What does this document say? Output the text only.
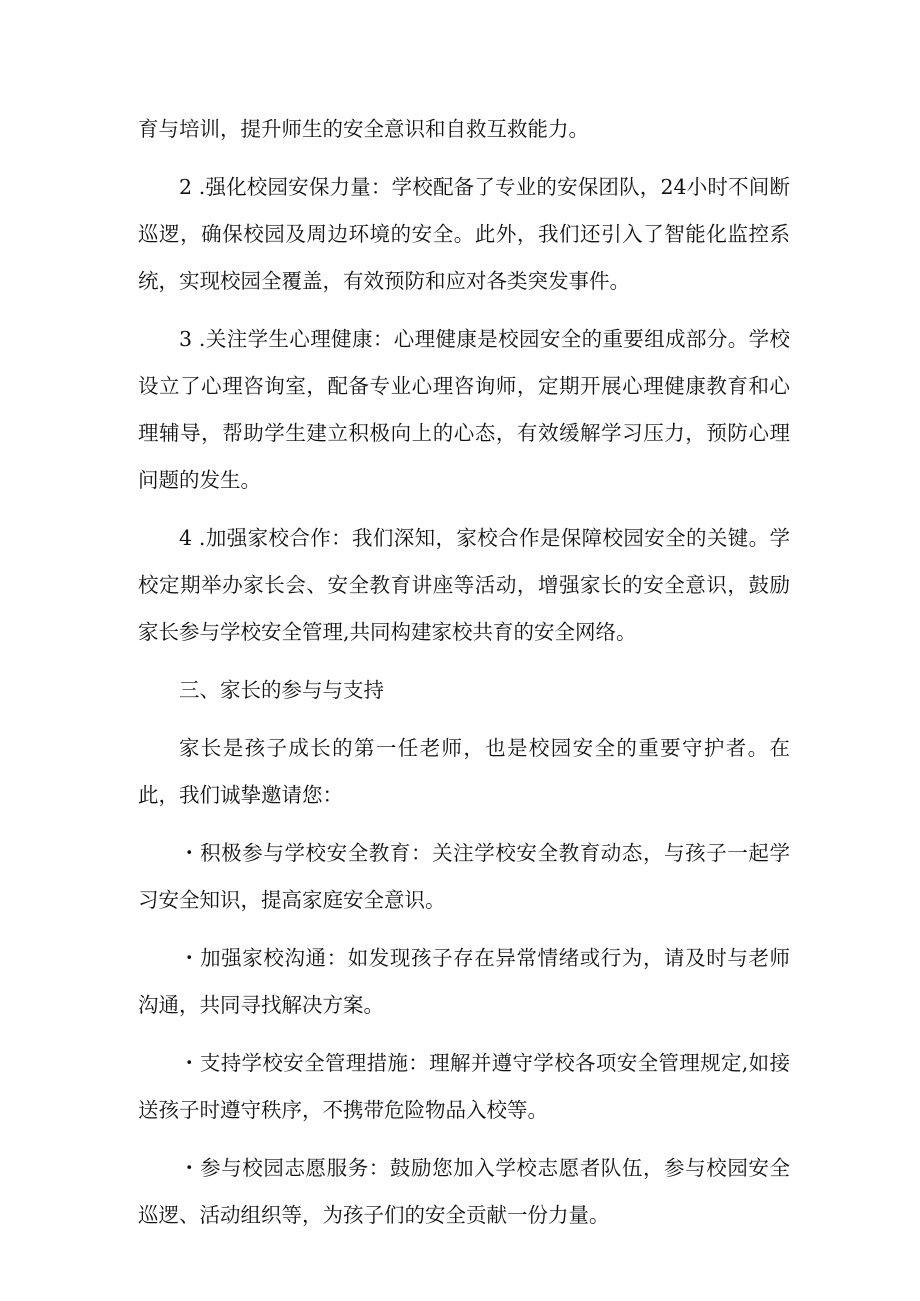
育与培训，提升师生的安全意识和自救互救能力。

2 .强化校园安保力量：学校配备了专业的安保团队，24小时不间断巡逻，确保校园及周边环境的安全。此外，我们还引入了智能化监控系统，实现校园全覆盖，有效预防和应对各类突发事件。

3 .关注学生心理健康：心理健康是校园安全的重要组成部分。学校设立了心理咨询室，配备专业心理咨询师，定期开展心理健康教育和心理辅导，帮助学生建立积极向上的心态，有效缓解学习压力，预防心理问题的发生。

4 .加强家校合作：我们深知，家校合作是保障校园安全的关键。学校定期举办家长会、安全教育讲座等活动，增强家长的安全意识，鼓励家长参与学校安全管理,共同构建家校共育的安全网络。

三、家长的参与与支持

家长是孩子成长的第一任老师，也是校园安全的重要守护者。在此，我们诚挚邀请您：

・积极参与学校安全教育：关注学校安全教育动态，与孩子一起学习安全知识，提高家庭安全意识。

・加强家校沟通：如发现孩子存在异常情绪或行为，请及时与老师沟通，共同寻找解决方案。

・支持学校安全管理措施：理解并遵守学校各项安全管理规定,如接送孩子时遵守秩序，不携带危险物品入校等。

・参与校园志愿服务：鼓励您加入学校志愿者队伍，参与校园安全巡逻、活动组织等，为孩子们的安全贡献一份力量。
